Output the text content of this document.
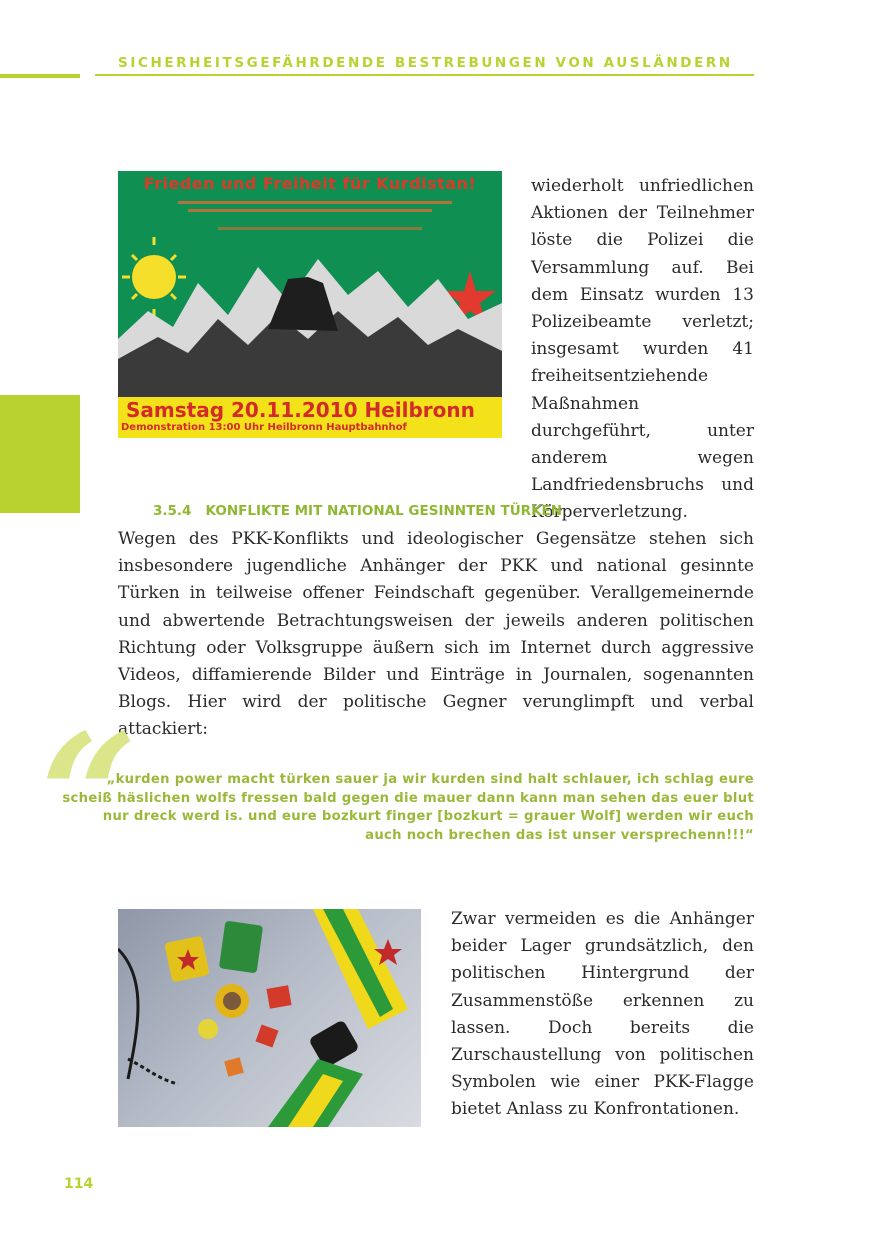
SICHERHEITSGEFÄHRDENDE BESTREBUNGEN VON AUSLÄNDERN
Frieden und Freiheit für Kurdistan!
Samstag 20.11.2010 Heilbronn
Demonstration 13:00 Uhr Heilbronn Hauptbahnhof

wiederholt unfriedlichen Aktionen der Teilnehmer löste die Polizei die Versammlung auf. Bei dem Einsatz wurden 13 Polizeibeamte verletzt; insgesamt wurden 41 freiheitsentziehende Maßnahmen durchgeführt, unter anderem wegen Landfriedensbruchs und Körperverletzung.

3.5.4 KONFLIKTE MIT NATIONAL GESINNTEN TÜRKEN

Wegen des PKK-Konflikts und ideologischer Gegensätze stehen sich insbesondere jugendliche Anhänger der PKK und national gesinnte Türken in teilweise offener Feindschaft gegenüber. Verallgemeinernde und abwertende Betrachtungsweisen der jeweils anderen politischen Richtung oder Volksgruppe äußern sich im Internet durch aggressive Videos, diffamierende Bilder und Einträge in Journalen, sogenannten Blogs. Hier wird der politische Gegner verunglimpft und verbal attackiert:

“
„kurden power macht türken sauer ja wir kurden sind halt schlauer, ich schlag eure scheiß häslichen wolfs fressen bald gegen die mauer dann kann man sehen das euer blut nur dreck werd is. und eure bozkurt finger [bozkurt = grauer Wolf] werden wir euch auch noch brechen das ist unser versprechenn!!!“

Zwar vermeiden es die Anhänger beider Lager grundsätzlich, den politischen Hintergrund der Zusammenstöße erkennen zu lassen. Doch bereits die Zurschaustellung von politischen Symbolen wie einer PKK-Flagge bietet Anlass zu Konfrontationen.

114
